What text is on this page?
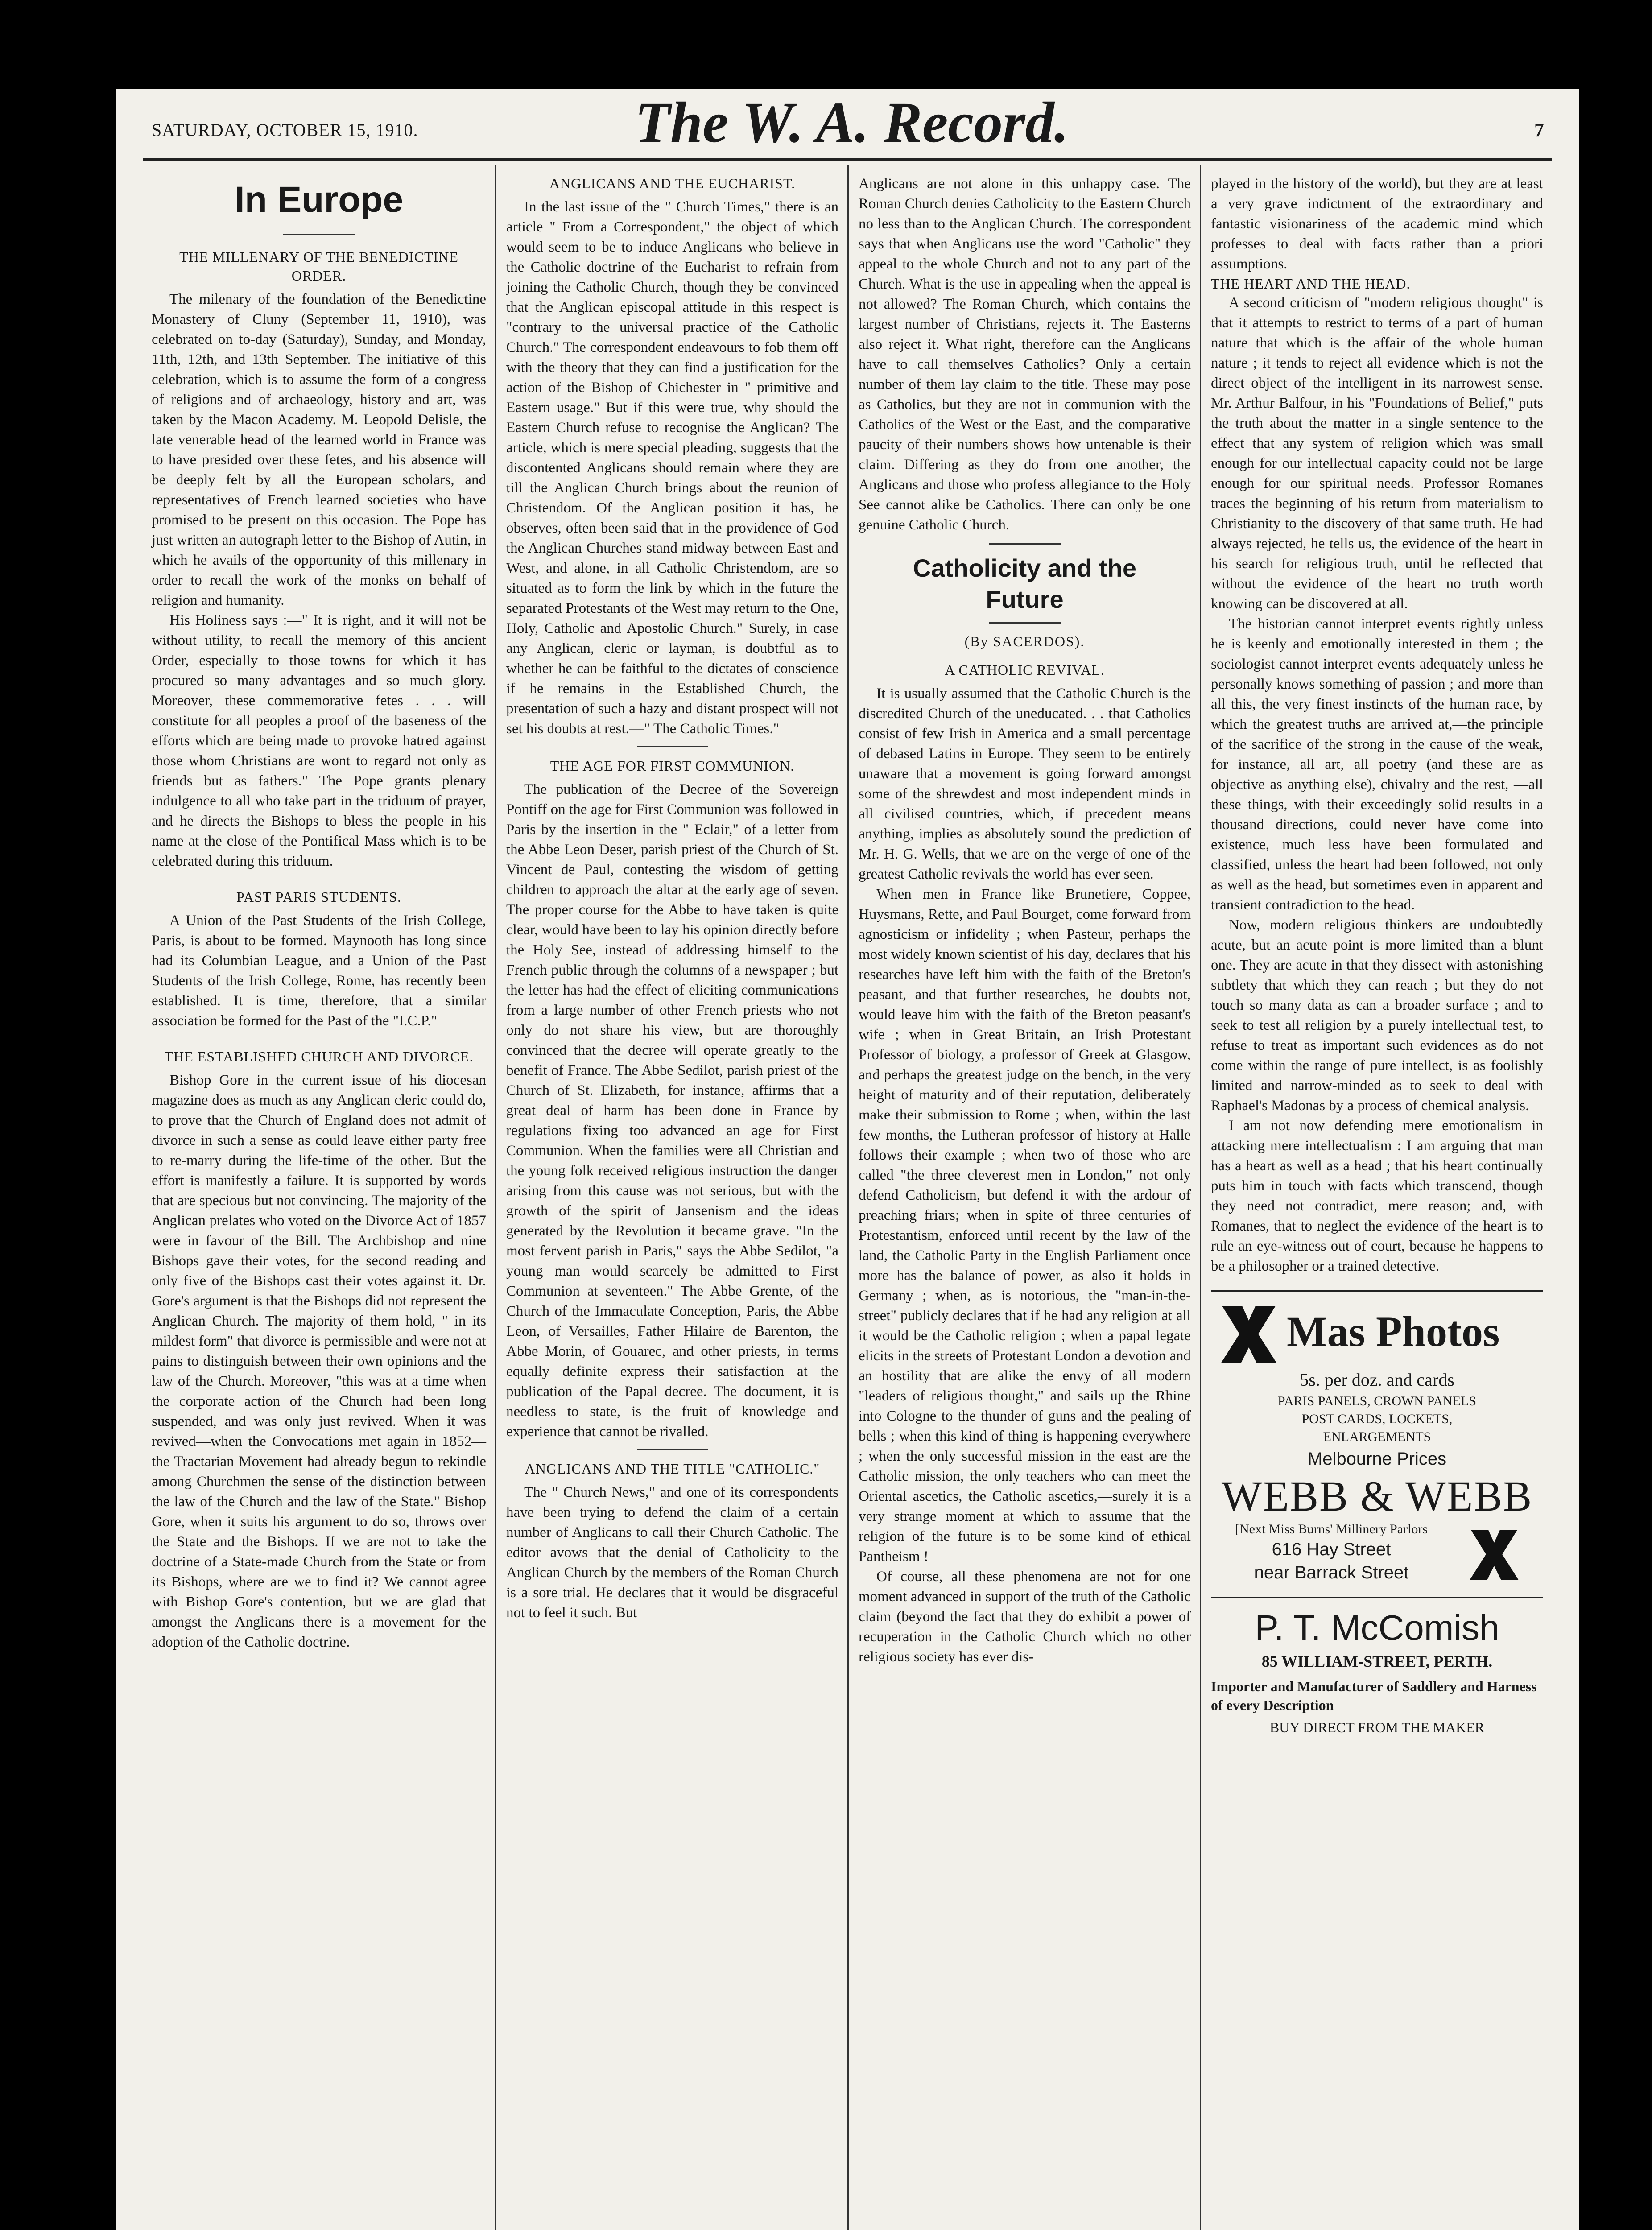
SATURDAY, OCTOBER 15, 1910.	The W. A. Record.	7
In Europe
THE MILLENARY OF THE BENEDICTINE ORDER.

The milenary of the foundation of the Benedictine Monastery of Cluny (September 11, 1910), was celebrated on to-day (Saturday), Sunday, and Monday, 11th, 12th, and 13th September. The initiative of this celebration, which is to assume the form of a congress of religions and of archaeology, history and art, was taken by the Macon Academy. M. Leopold Delisle, the late venerable head of the learned world in France was to have presided over these fetes, and his absence will be deeply felt by all the European scholars, and representatives of French learned societies who have promised to be present on this occasion. The Pope has just written an autograph letter to the Bishop of Autin, in which he avails of the opportunity of this millenary in order to recall the work of the monks on behalf of religion and humanity.

His Holiness says :—" It is right, and it will not be without utility, to recall the memory of this ancient Order, especially to those towns for which it has procured so many advantages and so much glory. Moreover, these commemorative fetes . . . will constitute for all peoples a proof of the baseness of the efforts which are being made to provoke hatred against those whom Christians are wont to regard not only as friends but as fathers." The Pope grants plenary indulgence to all who take part in the triduum of prayer, and he directs the Bishops to bless the people in his name at the close of the Pontifical Mass which is to be celebrated during this triduum.

PAST PARIS STUDENTS.

A Union of the Past Students of the Irish College, Paris, is about to be formed. Maynooth has long since had its Columbian League, and a Union of the Past Students of the Irish College, Rome, has recently been established. It is time, therefore, that a similar association be formed for the Past of the "I.C.P."

THE ESTABLISHED CHURCH AND DIVORCE.

Bishop Gore in the current issue of his diocesan magazine does as much as any Anglican cleric could do, to prove that the Church of England does not admit of divorce in such a sense as could leave either party free to re-marry during the life-time of the other. But the effort is manifestly a failure. It is supported by words that are specious but not convincing. The majority of the Anglican prelates who voted on the Divorce Act of 1857 were in favour of the Bill. The Archbishop and nine Bishops gave their votes, for the second reading and only five of the Bishops cast their votes against it. Dr. Gore's argument is that the Bishops did not represent the Anglican Church. The majority of them hold, " in its mildest form" that divorce is permissible and were not at pains to distinguish between their own opinions and the law of the Church. Moreover, "this was at a time when the corporate action of the Church had been long suspended, and was only just revived. When it was revived—when the Convocations met again in 1852—the Tractarian Movement had already begun to rekindle among Churchmen the sense of the distinction between the law of the Church and the law of the State." Bishop Gore, when it suits his argument to do so, throws over the State and the Bishops. If we are not to take the doctrine of a State-made Church from the State or from its Bishops, where are we to find it? We cannot agree with Bishop Gore's contention, but we are glad that amongst the Anglicans there is a movement for the adoption of the Catholic doctrine.

ANGLICANS AND THE EUCHARIST.

In the last issue of the " Church Times," there is an article " From a Correspondent," the object of which would seem to be to induce Anglicans who believe in the Catholic doctrine of the Eucharist to refrain from joining the Catholic Church, though they be convinced that the Anglican episcopal attitude in this respect is "contrary to the universal practice of the Catholic Church." The correspondent endeavours to fob them off with the theory that they can find a justification for the action of the Bishop of Chichester in " primitive and Eastern usage." But if this were true, why should the Eastern Church refuse to recognise the Anglican? The article, which is mere special pleading, suggests that the discontented Anglicans should remain where they are till the Anglican Church brings about the reunion of Christendom. Of the Anglican position it has, he observes, often been said that in the providence of God the Anglican Churches stand midway between East and West, and alone, in all Catholic Christendom, are so situated as to form the link by which in the future the separated Protestants of the West may return to the One, Holy, Catholic and Apostolic Church." Surely, in case any Anglican, cleric or layman, is doubtful as to whether he can be faithful to the dictates of conscience if he remains in the Established Church, the presentation of such a hazy and distant prospect will not set his doubts at rest.—" The Catholic Times."

THE AGE FOR FIRST COMMUNION.

The publication of the Decree of the Sovereign Pontiff on the age for First Communion was followed in Paris by the insertion in the " Eclair," of a letter from the Abbe Leon Deser, parish priest of the Church of St. Vincent de Paul, contesting the wisdom of getting children to approach the altar at the early age of seven. The proper course for the Abbe to have taken is quite clear, would have been to lay his opinion directly before the Holy See, instead of addressing himself to the French public through the columns of a newspaper ; but the letter has had the effect of eliciting communications from a large number of other French priests who not only do not share his view, but are thoroughly convinced that the decree will operate greatly to the benefit of France. The Abbe Sedilot, parish priest of the Church of St. Elizabeth, for instance, affirms that a great deal of harm has been done in France by regulations fixing too advanced an age for First Communion. When the families were all Christian and the young folk received religious instruction the danger arising from this cause was not serious, but with the growth of the spirit of Jansenism and the ideas generated by the Revolution it became grave. "In the most fervent parish in Paris," says the Abbe Sedilot, "a young man would scarcely be admitted to First Communion at seventeen." The Abbe Grente, of the Church of the Immaculate Conception, Paris, the Abbe Leon, of Versailles, Father Hilaire de Barenton, the Abbe Morin, of Gouarec, and other priests, in terms equally definite express their satisfaction at the publication of the Papal decree. The document, it is needless to state, is the fruit of knowledge and experience that cannot be rivalled.

ANGLICANS AND THE TITLE "CATHOLIC."

The " Church News," and one of its correspondents have been trying to defend the claim of a certain number of Anglicans to call their Church Catholic. The editor avows that the denial of Catholicity to the Anglican Church by the members of the Roman Church is a sore trial. He declares that it would be disgraceful not to feel it such. But

Anglicans are not alone in this unhappy case. The Roman Church denies Catholicity to the Eastern Church no less than to the Anglican Church. The correspondent says that when Anglicans use the word "Catholic" they appeal to the whole Church and not to any part of the Church. What is the use in appealing when the appeal is not allowed? The Roman Church, which contains the largest number of Christians, rejects it. The Easterns also reject it. What right, therefore can the Anglicans have to call themselves Catholics? Only a certain number of them lay claim to the title. These may pose as Catholics, but they are not in communion with the Catholics of the West or the East, and the comparative paucity of their numbers shows how untenable is their claim. Differing as they do from one another, the Anglicans and those who profess allegiance to the Holy See cannot alike be Catholics. There can only be one genuine Catholic Church.

Catholicity and the Future
(By SACERDOS).
A CATHOLIC REVIVAL.

It is usually assumed that the Catholic Church is the discredited Church of the uneducated. . . that Catholics consist of few Irish in America and a small percentage of debased Latins in Europe. They seem to be entirely unaware that a movement is going forward amongst some of the shrewdest and most independent minds in all civilised countries, which, if precedent means anything, implies as absolutely sound the prediction of Mr. H. G. Wells, that we are on the verge of one of the greatest Catholic revivals the world has ever seen.

When men in France like Brunetiere, Coppee, Huysmans, Rette, and Paul Bourget, come forward from agnosticism or infidelity ; when Pasteur, perhaps the most widely known scientist of his day, declares that his researches have left him with the faith of the Breton's peasant, and that further researches, he doubts not, would leave him with the faith of the Breton peasant's wife ; when in Great Britain, an Irish Protestant Professor of biology, a professor of Greek at Glasgow, and perhaps the greatest judge on the bench, in the very height of maturity and of their reputation, deliberately make their submission to Rome ; when, within the last few months, the Lutheran professor of history at Halle follows their example ; when two of those who are called "the three cleverest men in London," not only defend Catholicism, but defend it with the ardour of preaching friars; when in spite of three centuries of Protestantism, enforced until recent by the law of the land, the Catholic Party in the English Parliament once more has the balance of power, as also it holds in Germany ; when, as is notorious, the "man-in-the-street" publicly declares that if he had any religion at all it would be the Catholic religion ; when a papal legate elicits in the streets of Protestant London a devotion and an hostility that are alike the envy of all modern "leaders of religious thought," and sails up the Rhine into Cologne to the thunder of guns and the pealing of bells ; when this kind of thing is happening everywhere ; when the only successful mission in the east are the Catholic mission, the only teachers who can meet the Oriental ascetics, the Catholic ascetics,—surely it is a very strange moment at which to assume that the religion of the future is to be some kind of ethical Pantheism !

Of course, all these phenomena are not for one moment advanced in support of the truth of the Catholic claim (beyond the fact that they do exhibit a power of recuperation in the Catholic Church which no other religious society has ever dis-

played in the history of the world), but they are at least a very grave indictment of the extraordinary and fantastic visionariness of the academic mind which professes to deal with facts rather than a priori assumptions.

THE HEART AND THE HEAD.

A second criticism of "modern religious thought" is that it attempts to restrict to terms of a part of human nature that which is the affair of the whole human nature ; it tends to reject all evidence which is not the direct object of the intelligent in its narrowest sense. Mr. Arthur Balfour, in his "Foundations of Belief," puts the truth about the matter in a single sentence to the effect that any system of religion which was small enough for our intellectual capacity could not be large enough for our spiritual needs. Professor Romanes traces the beginning of his return from materialism to Christianity to the discovery of that same truth. He had always rejected, he tells us, the evidence of the heart in his search for religious truth, until he reflected that without the evidence of the heart no truth worth knowing can be discovered at all.

The historian cannot interpret events rightly unless he is keenly and emotionally interested in them ; the sociologist cannot interpret events adequately unless he personally knows something of passion ; and more than all this, the very finest instincts of the human race, by which the greatest truths are arrived at,—the principle of the sacrifice of the strong in the cause of the weak, for instance, all art, all poetry (and these are as objective as anything else), chivalry and the rest, —all these things, with their exceedingly solid results in a thousand directions, could never have come into existence, much less have been formulated and classified, unless the heart had been followed, not only as well as the head, but sometimes even in apparent and transient contradiction to the head.

Now, modern religious thinkers are undoubtedly acute, but an acute point is more limited than a blunt one. They are acute in that they dissect with astonishing subtlety that which they can reach ; but they do not touch so many data as can a broader surface ; and to seek to test all religion by a purely intellectual test, to refuse to treat as important such evidences as do not come within the range of pure intellect, is as foolishly limited and narrow-minded as to seek to deal with Raphael's Madonas by a process of chemical analysis.

I am not now defending mere emotionalism in attacking mere intellectualism : I am arguing that man has a heart as well as a head ; that his heart continually puts him in touch with facts which transcend, though they need not contradict, mere reason; and, with Romanes, that to neglect the evidence of the heart is to rule an eye-witness out of court, because he happens to be a philosopher or a trained detective.

Mas Photos
5s. per doz. and cards
PARIS PANELS, CROWN PANELS
POST CARDS, LOCKETS,
ENLARGEMENTS
Melbourne Prices
WEBB & WEBB
[Next Miss Burns' Millinery Parlors
616 Hay Street
near Barrack Street
P. T. McComish
85 WILLIAM-STREET, PERTH.
Importer and Manufacturer of Saddlery and Harness of every Description
BUY DIRECT FROM THE MAKER
